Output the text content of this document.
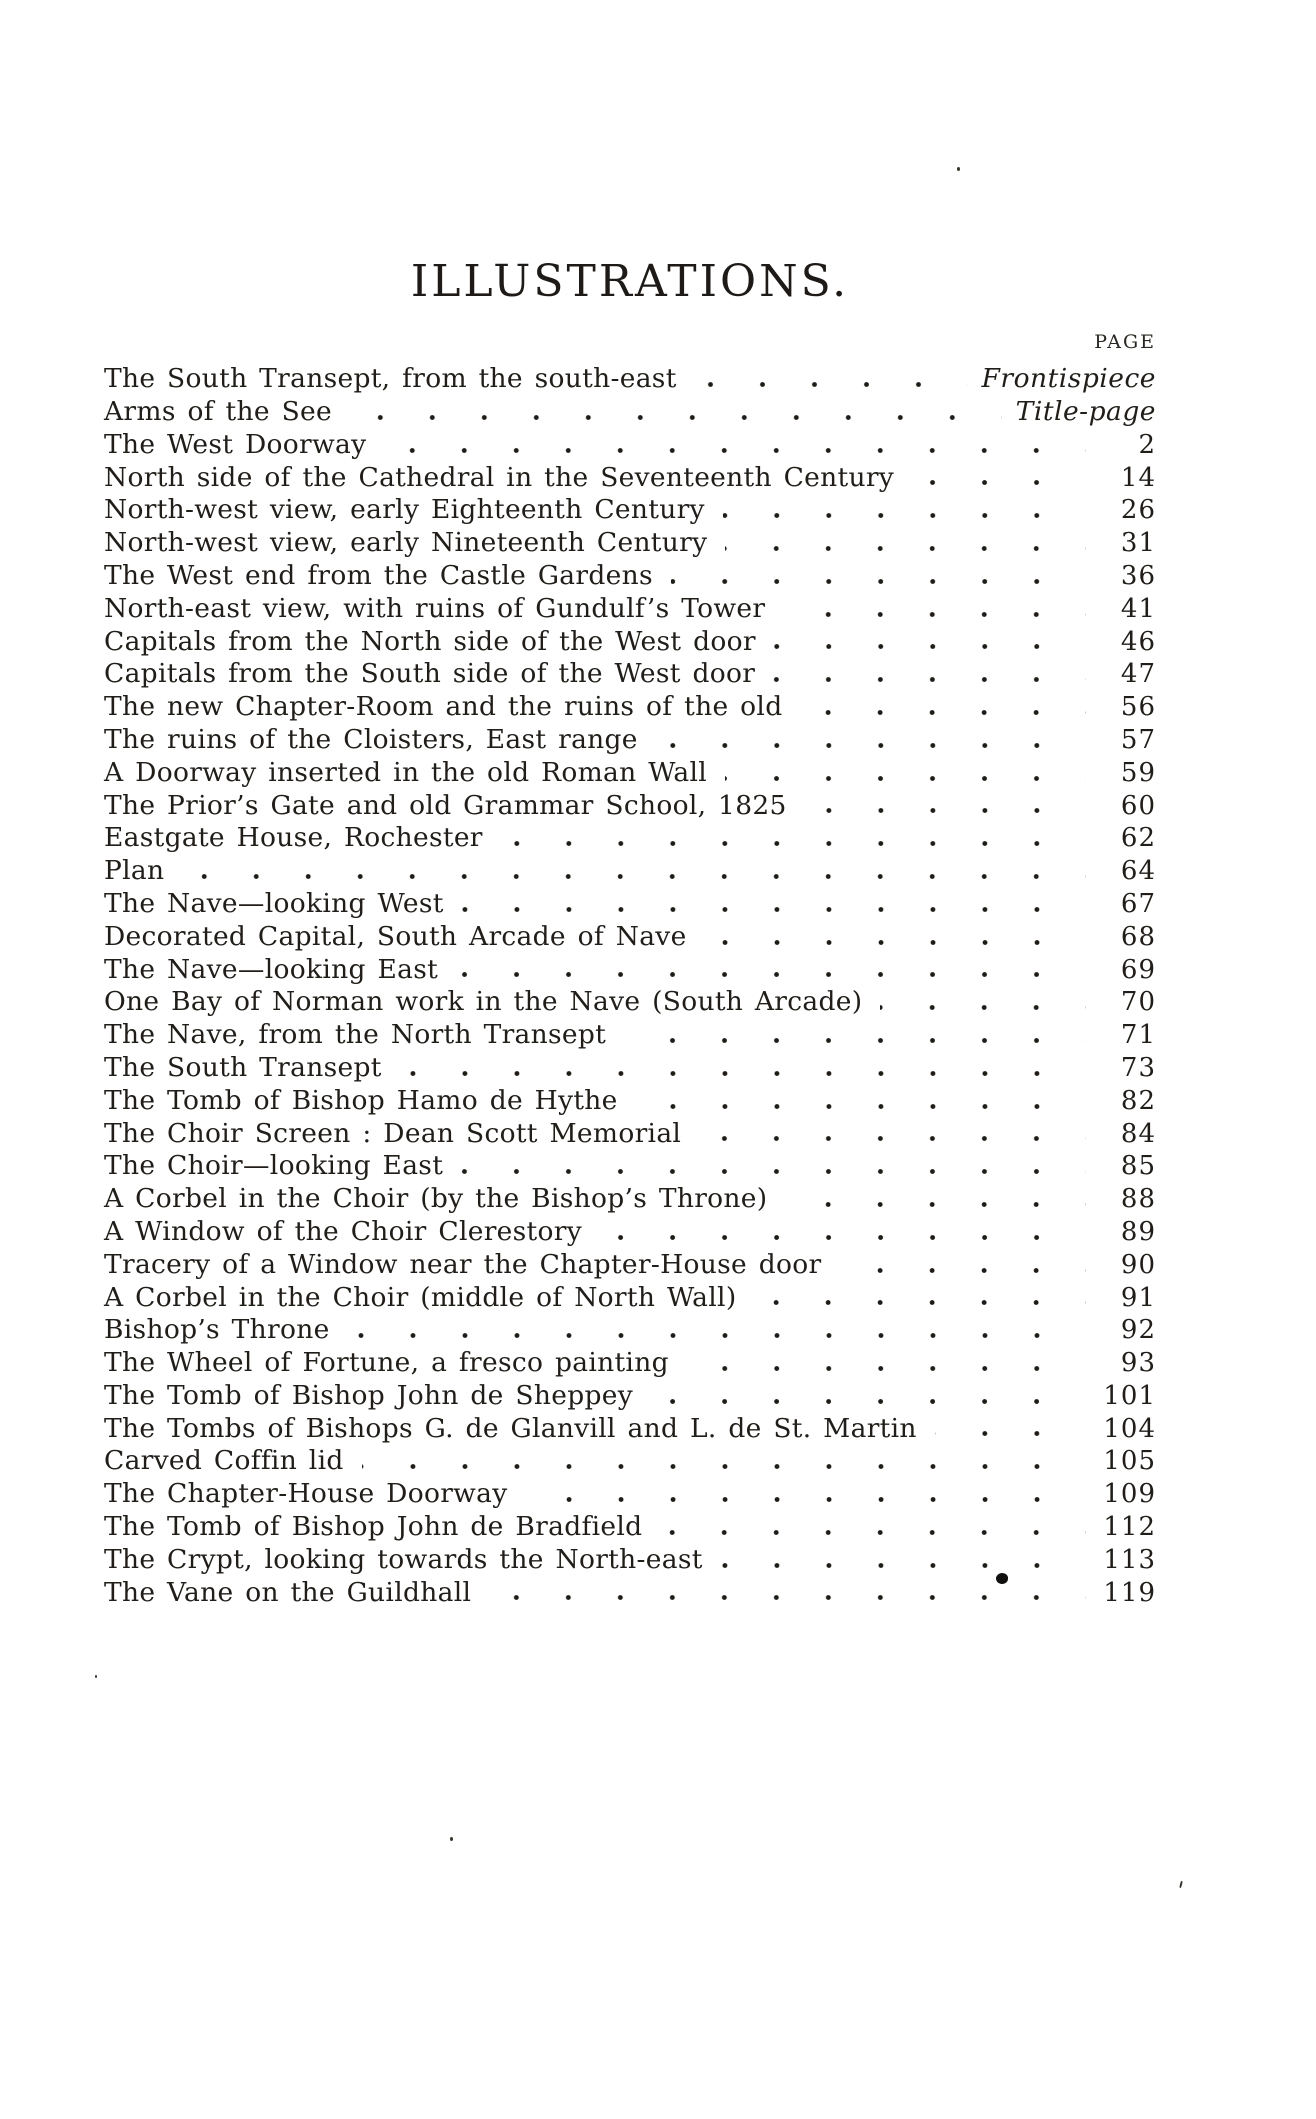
ILLUSTRATIONS.
PAGE
The South Transept, from the south-east	Frontispiece
Arms of the See	Title-page
The West Doorway	2
North side of the Cathedral in the Seventeenth Century	14
North-west view, early Eighteenth Century	26
North-west view, early Nineteenth Century	31
The West end from the Castle Gardens	36
North-east view, with ruins of Gundulf’s Tower	41
Capitals from the North side of the West door	46
Capitals from the South side of the West door	47
The new Chapter-Room and the ruins of the old	56
The ruins of the Cloisters, East range	57
A Doorway inserted in the old Roman Wall	59
The Prior’s Gate and old Grammar School, 1825	60
Eastgate House, Rochester	62
Plan	64
The Nave—looking West	67
Decorated Capital, South Arcade of Nave	68
The Nave—looking East	69
One Bay of Norman work in the Nave (South Arcade)	70
The Nave, from the North Transept	71
The South Transept	73
The Tomb of Bishop Hamo de Hythe	82
The Choir Screen : Dean Scott Memorial	84
The Choir—looking East	85
A Corbel in the Choir (by the Bishop’s Throne)	88
A Window of the Choir Clerestory	89
Tracery of a Window near the Chapter-House door	90
A Corbel in the Choir (middle of North Wall)	91
Bishop’s Throne	92
The Wheel of Fortune, a fresco painting	93
The Tomb of Bishop John de Sheppey	101
The Tombs of Bishops G. de Glanvill and L. de St. Martin	104
Carved Coffin lid	105
The Chapter-House Doorway	109
The Tomb of Bishop John de Bradfield	112
The Crypt, looking towards the North-east	113
The Vane on the Guildhall	119
